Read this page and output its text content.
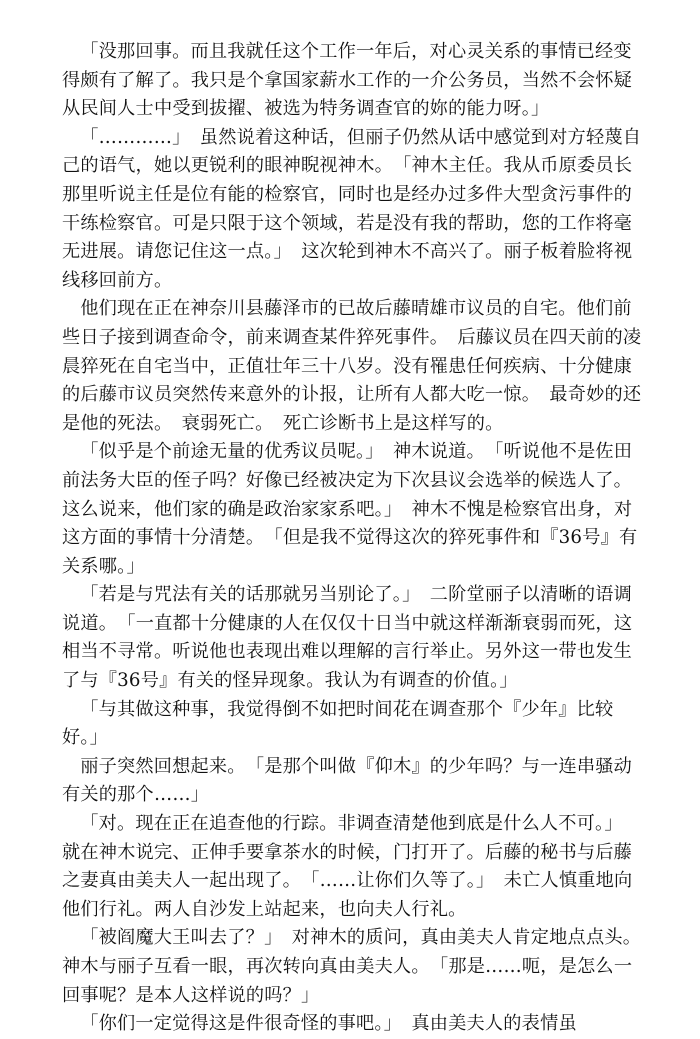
「没那回事。而且我就任这个工作一年后，对心灵关系的事情已经变得颇有了解了。我只是个拿国家薪水工作的一介公务员，当然不会怀疑从民间人士中受到拔擢、被选为特务调查官的妳的能力呀。」

「…………」　虽然说着这种话，但丽子仍然从话中感觉到对方轻蔑自己的语气，她以更锐利的眼神睨视神木。　「神木主任。我从币原委员长那里听说主任是位有能的检察官，同时也是经办过多件大型贪污事件的干练检察官。可是只限于这个领域，若是没有我的帮助，您的工作将毫无进展。请您记住这一点。」　这次轮到神木不高兴了。丽子板着脸将视线移回前方。

他们现在正在神奈川县藤泽市的已故后藤晴雄市议员的自宅。他们前些日子接到调查命令，前来调查某件猝死事件。　后藤议员在四天前的凌晨猝死在自宅当中，正值壮年三十八岁。没有罹患任何疾病、十分健康的后藤市议员突然传来意外的讣报，让所有人都大吃一惊。　最奇妙的还是他的死法。　衰弱死亡。　死亡诊断书上是这样写的。

「似乎是个前途无量的优秀议员呢。」　神木说道。　「听说他不是佐田前法务大臣的侄子吗？好像已经被决定为下次县议会选举的候选人了。这么说来，他们家的确是政治家家系吧。」　神木不愧是检察官出身，对这方面的事情十分清楚。　「但是我不觉得这次的猝死事件和『36号』有关系哪。」

「若是与咒法有关的话那就另当别论了。」　二阶堂丽子以清晰的语调说道。　「一直都十分健康的人在仅仅十日当中就这样渐渐衰弱而死，这相当不寻常。听说他也表现出难以理解的言行举止。另外这一带也发生了与『36号』有关的怪异现象。我认为有调查的价值。」

「与其做这种事，我觉得倒不如把时间花在调查那个『少年』比较好。」

丽子突然回想起来。　「是那个叫做『仰木』的少年吗？与一连串骚动有关的那个……」

「对。现在正在追查他的行踪。非调查清楚他到底是什么人不可。」　就在神木说完、正伸手要拿茶水的时候，门打开了。后藤的秘书与后藤之妻真由美夫人一起出现了。　「……让你们久等了。」　未亡人慎重地向他们行礼。两人自沙发上站起来，也向夫人行礼。

「被阎魔大王叫去了？」　对神木的质问，真由美夫人肯定地点点头。　神木与丽子互看一眼，再次转向真由美夫人。　「那是……呃，是怎么一回事呢？是本人这样说的吗？」

「你们一定觉得这是件很奇怪的事吧。」　真由美夫人的表情虽
